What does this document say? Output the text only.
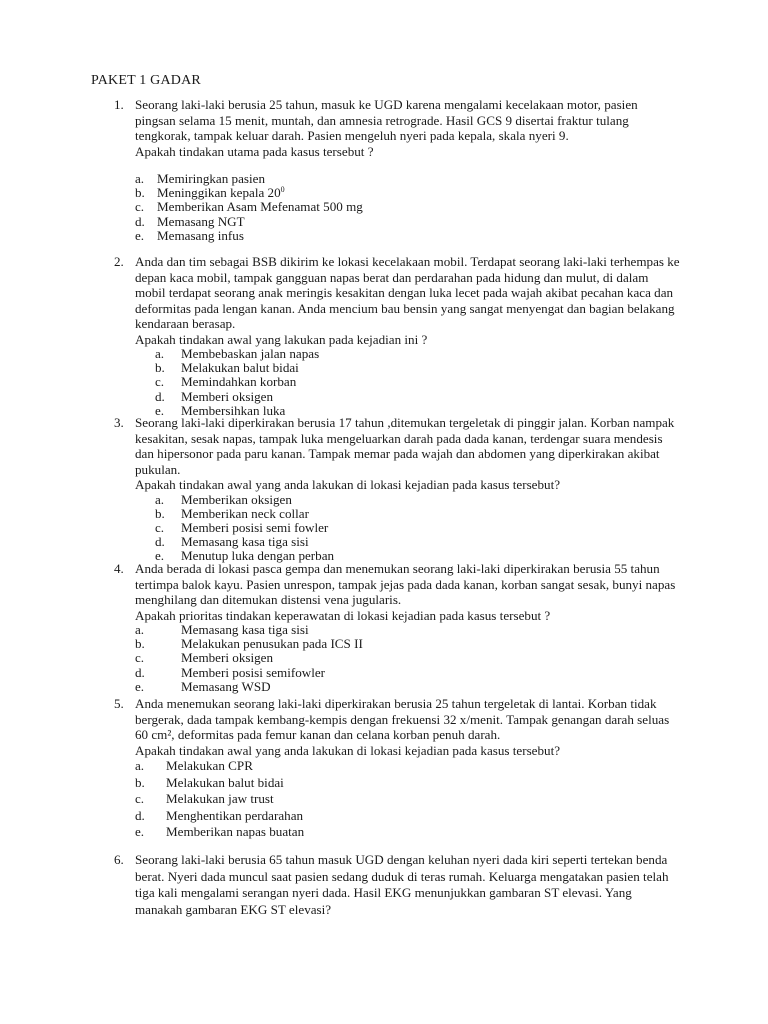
PAKET 1 GADAR
1. Seorang laki-laki berusia 25 tahun, masuk ke UGD karena mengalami kecelakaan motor, pasien pingsan selama 15 menit, muntah, dan amnesia retrograde. Hasil GCS 9 disertai fraktur tulang tengkorak, tampak keluar darah. Pasien mengeluh nyeri pada kepala, skala nyeri 9.

Apakah tindakan utama pada kasus tersebut ?

a. Memiringkan pasien
b. Meninggikan kepala $20^0$
c. Memberikan Asam Mefenamat 500 mg
d. Memasang NGT
e. Memasang infus
2. Anda dan tim sebagai BSB dikirim ke lokasi kecelakaan mobil. Terdapat seorang laki-laki terhempas ke depan kaca mobil, tampak gangguan napas berat dan perdarahan pada hidung dan mulut, di dalam mobil terdapat seorang anak meringis kesakitan dengan luka lecet pada wajah akibat pecahan kaca dan deformitas pada lengan kanan. Anda mencium bau bensin yang sangat menyengat dan bagian belakang kendaraan berasap.

Apakah tindakan awal yang lakukan pada kejadian ini ?

a. Membebaskan jalan napas
b. Melakukan balut bidai
c. Memindahkan korban
d. Memberi oksigen
e. Membersihkan luka
3. Seorang laki-laki diperkirakan berusia 17 tahun ,ditemukan tergeletak di pinggir jalan. Korban nampak kesakitan, sesak napas, tampak luka mengeluarkan darah pada dada kanan, terdengar suara mendesis dan hipersonor pada paru kanan. Tampak memar pada wajah dan abdomen yang diperkirakan akibat pukulan.

Apakah tindakan awal yang anda lakukan di lokasi kejadian pada kasus tersebut?

a. Memberikan oksigen
b. Memberikan neck collar
c. Memberi posisi semi fowler
d. Memasang kasa tiga sisi
e. Menutup luka dengan perban
4. Anda berada di lokasi pasca gempa dan menemukan seorang laki-laki diperkirakan berusia 55 tahun tertimpa balok kayu. Pasien unrespon, tampak jejas pada dada kanan, korban sangat sesak, bunyi napas menghilang dan ditemukan distensi vena jugularis.

Apakah prioritas tindakan keperawatan di lokasi kejadian pada kasus tersebut ?

a.	Memasang kasa tiga sisi
b.	Melakukan penusukan pada ICS II
c.	Memberi oksigen
d.	Memberi posisi semifowler
e.	Memasang WSD
5. Anda menemukan seorang laki-laki diperkirakan berusia 25 tahun tergeletak di lantai. Korban tidak bergerak, dada tampak kembang-kempis dengan frekuensi 32 x/menit. Tampak genangan darah seluas 60 cm², deformitas pada femur kanan dan celana korban penuh darah.

Apakah tindakan awal yang anda lakukan di lokasi kejadian pada kasus tersebut?

a. Melakukan CPR
b. Melakukan balut bidai
c. Melakukan jaw trust
d. Menghentikan perdarahan
e. Memberikan napas buatan
6. Seorang laki-laki berusia 65 tahun masuk UGD dengan keluhan nyeri dada kiri seperti tertekan benda berat. Nyeri dada muncul saat pasien sedang duduk di teras rumah. Keluarga mengatakan pasien telah tiga kali mengalami serangan nyeri dada. Hasil EKG menunjukkan gambaran ST elevasi. Yang manakah gambaran EKG ST elevasi?
